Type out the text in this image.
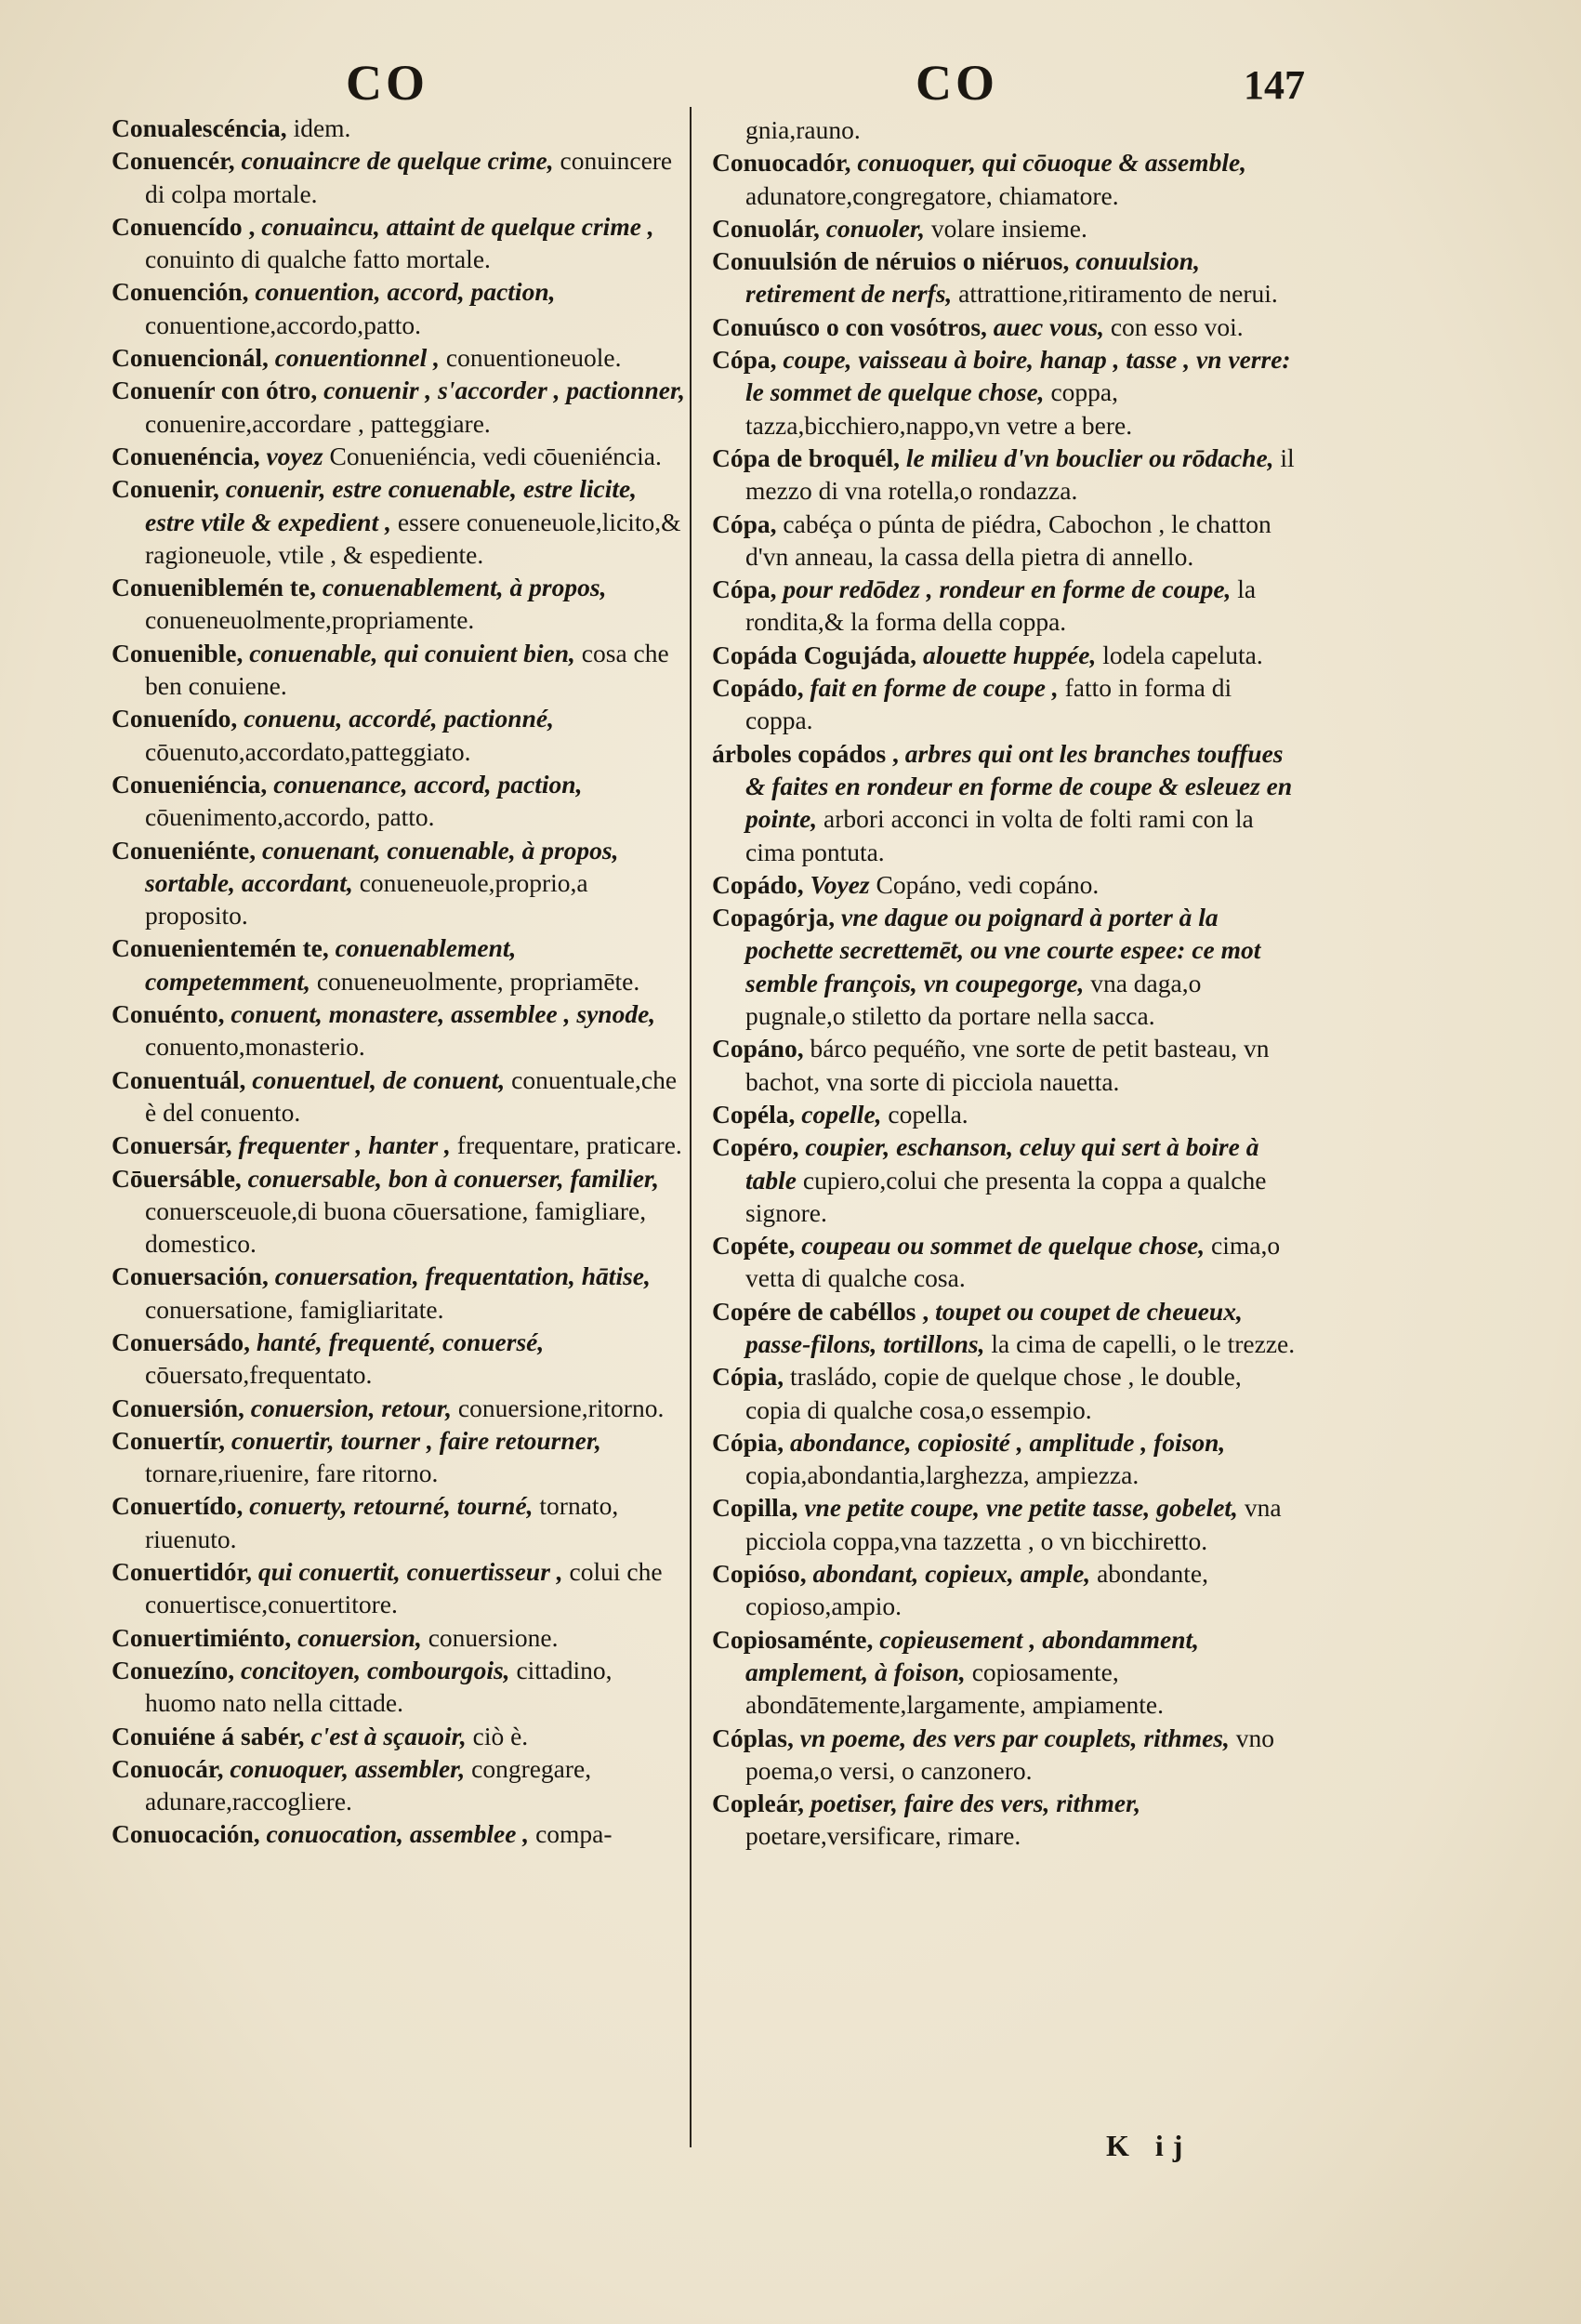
CO	CO	147

Conualescéncia, idem.

Conuencér, conuaincre de quelque crime, conuincere di colpa mortale.

Conuencído , conuaincu, attaint de quelque crime , conuinto di qualche fatto mortale.

Conuención, conuention, accord, paction, conuentione,accordo,patto.

Conuencionál, conuentionnel , conuentioneuole.

Conuenír con ótro, conuenir , s'accorder , pactionner, conuenire,accordare , patteggiare.

Conuenéncia, voyez Conueniéncia, vedi cōueniéncia.

Conuenir, conuenir, estre conuenable, estre licite, estre vtile & expedient , essere conueneuole,licito,& ragioneuole, vtile , & espediente.

Conueniblemén te, conuenablement, à propos, conueneuolmente,propriamente.

Conuenible, conuenable, qui conuient bien, cosa che ben conuiene.

Conuenído, conuenu, accordé, pactionné, cōuenuto,accordato,patteggiato.

Conueniéncia, conuenance, accord, paction, cōuenimento,accordo, patto.

Conueniénte, conuenant, conuenable, à propos, sortable, accordant, conueneuole,proprio,a proposito.

Conuenientemén te, conuenablement, competemment, conueneuolmente, propriamēte.

Conuénto, conuent, monastere, assemblee , synode, conuento,monasterio.

Conuentuál, conuentuel, de conuent, conuentuale,che è del conuento.

Conuersár, frequenter , hanter , frequentare, praticare.

Cōuersáble, conuersable, bon à conuerser, familier, conuersceuole,di buona cōuersatione, famigliare, domestico.

Conuersación, conuersation, frequentation, hātise, conuersatione, famigliaritate.

Conuersádo, hanté, frequenté, conuersé, cōuersato,frequentato.

Conuersión, conuersion, retour, conuersione,ritorno.

Conuertír, conuertir, tourner , faire retourner, tornare,riuenire, fare ritorno.

Conuertído, conuerty, retourné, tourné, tornato, riuenuto.

Conuertidór, qui conuertit, conuertisseur , colui che conuertisce,conuertitore.

Conuertimiénto, conuersion, conuersione.

Conuezíno, concitoyen, combourgois, cittadino, huomo nato nella cittade.

Conuiéne á sabér, c'est à sçauoir, ciò è.

Conuocár, conuoquer, assembler, congregare, adunare,raccogliere.

Conuocación, conuocation, assemblee , compa-

gnia,rauno.

Conuocadór, conuoquer, qui cōuoque & assemble, adunatore,congregatore, chiamatore.

Conuolár, conuoler, volare insieme.

Conuulsión de néruios o niéruos, conuulsion, retirement de nerfs, attrattione,ritiramento de nerui.

Conuúsco o con vosótros, auec vous, con esso voi.

Cópa, coupe, vaisseau à boire, hanap , tasse , vn verre: le sommet de quelque chose, coppa, tazza,bicchiero,nappo,vn vetre a bere.

Cópa de broquél, le milieu d'vn bouclier ou rōdache, il mezzo di vna rotella,o rondazza.

Cópa, cabéça o púnta de piédra, Cabochon , le chatton d'vn anneau, la cassa della pietra di annello.

Cópa, pour redōdez , rondeur en forme de coupe, la rondita,& la forma della coppa.

Copáda Cogujáda, alouette huppée, lodela capeluta.

Copádo, fait en forme de coupe , fatto in forma di coppa.

árboles copádos , arbres qui ont les branches touffues & faites en rondeur en forme de coupe & esleuez en pointe, arbori acconci in volta de folti rami con la cima pontuta.

Copádo, Voyez Copáno, vedi copáno.

Copagórja, vne dague ou poignard à porter à la pochette secrettemēt, ou vne courte espee: ce mot semble françois, vn coupegorge, vna daga,o pugnale,o stiletto da portare nella sacca.

Copáno, bárco pequéño, vne sorte de petit basteau, vn bachot, vna sorte di picciola nauetta.

Copéla, copelle, copella.

Copéro, coupier, eschanson, celuy qui sert à boire à table cupiero,colui che presenta la coppa a qualche signore.

Copéte, coupeau ou sommet de quelque chose, cima,o vetta di qualche cosa.

Copére de cabéllos , toupet ou coupet de cheueux, passe-filons, tortillons, la cima de capelli, o le trezze.

Cópia, trasládo, copie de quelque chose , le double, copia di qualche cosa,o essempio.

Cópia, abondance, copiosité , amplitude , foison, copia,abondantia,larghezza, ampiezza.

Copilla, vne petite coupe, vne petite tasse, gobelet, vna picciola coppa,vna tazzetta , o vn bicchiretto.

Copióso, abondant, copieux, ample, abondante, copioso,ampio.

Copiosaménte, copieusement , abondamment, amplement, à foison, copiosamente, abondātemente,largamente, ampiamente.

Cóplas, vn poeme, des vers par couplets, rithmes, vno poema,o versi, o canzonero.

Copleár, poetiser, faire des vers, rithmer, poetare,versificare, rimare.

K ij
